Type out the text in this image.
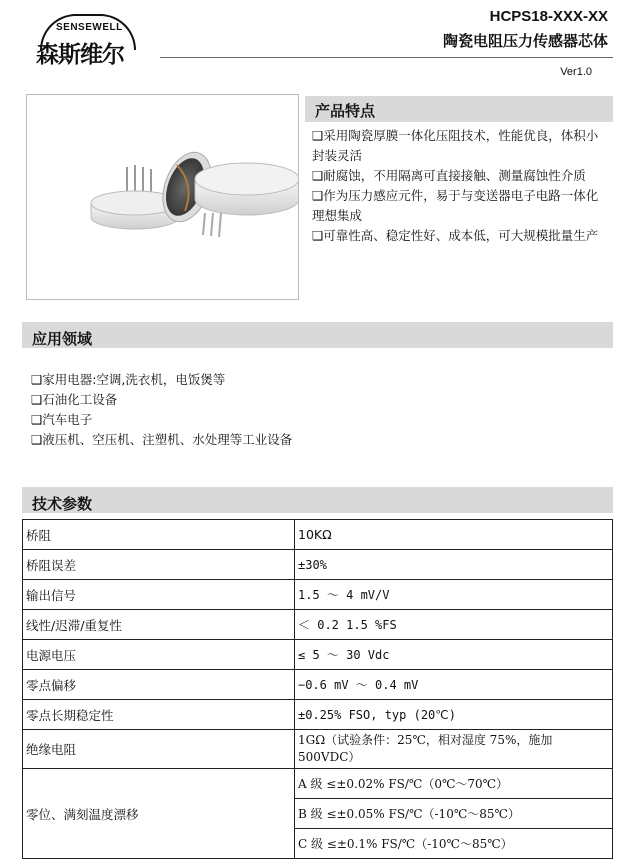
SENSEWELL
森斯维尔
HCPS18-XXX-XX
陶瓷电阻压力传感器芯体
Ver1.0
产品特点
❑采用陶瓷厚膜一体化压阻技术，性能优良，体积小封装灵活
❑耐腐蚀，不用隔离可直接接触、测量腐蚀性介质
❑作为压力感应元件，易于与变送器电子电路一体化理想集成
❑可靠性高、稳定性好、成本低，可大规模批量生产
应用领域
❑家用电器:空调,洗衣机，电饭煲等
❑石油化工设备
❑汽车电子
❑液压机、空压机、注塑机、水处理等工业设备
技术参数
桥阻	10KΩ
桥阻误差	±30%
输出信号	1.5 ～ 4 mV/V
线性/迟滞/重复性	＜ 0.2 1.5 %FS
电源电压	≤ 5 ～ 30 Vdc
零点偏移	−0.6 mV ～ 0.4 mV
零点长期稳定性	±0.25% FSO, typ (20℃)
绝缘电阻	1GΩ（试验条件：25℃，相对湿度 75%，施加 500VDC）
零位、满刻温度漂移	A 级 ≤±0.02% FS/℃（0℃～70℃）
	B 级 ≤±0.05% FS/℃（-10℃～85℃）
	C 级 ≤±0.1% FS/℃（-10℃～85℃）
